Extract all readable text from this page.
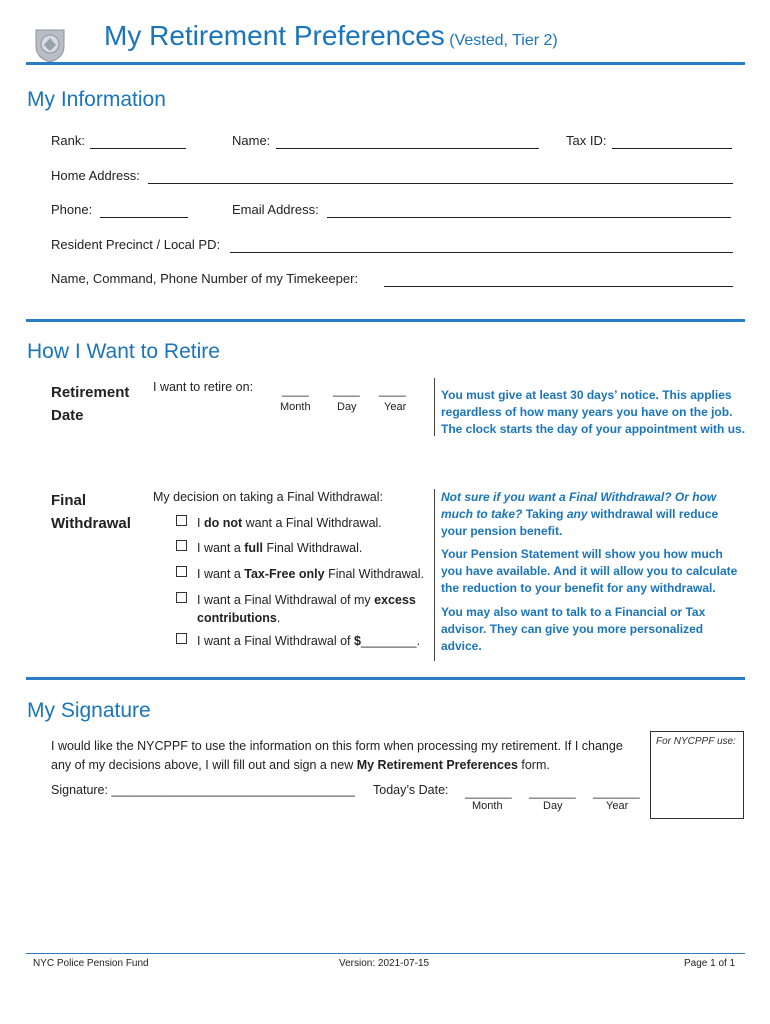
My Retirement Preferences (Vested, Tier 2)
My Information
Rank:	Name:	Tax ID:
Home Address:
Phone:	Email Address:
Resident Precinct / Local PD:
Name, Command, Phone Number of my Timekeeper:
How I Want to Retire
Retirement
Date
I want to retire on: ____ ____ ____
Month Day Year
You must give at least 30 days’ notice. This applies regardless of how many years you have on the job. The clock starts the day of your appointment with us.
Final
Withdrawal
My decision on taking a Final Withdrawal:
I do not want a Final Withdrawal.
I want a full Final Withdrawal.
I want a Tax-Free only Final Withdrawal.
I want a Final Withdrawal of my excess
contributions.
I want a Final Withdrawal of $________.
Not sure if you want a Final Withdrawal? Or how much to take? Taking any withdrawal will reduce your pension benefit.
Your Pension Statement will show you how much you have available. And it will allow you to calculate the reduction to your benefit for any withdrawal.
You may also want to talk to a Financial or Tax advisor. They can give you more personalized advice.
My Signature
I would like the NYCPPF to use the information on this form when processing my retirement. If I change any of my decisions above, I will fill out and sign a new My Retirement Preferences form.
Signature: ___________________________________ Today’s Date: _______ _______ _______
Month	Day	Year
For NYCPPF use:
NYC Police Pension Fund	Version: 2021-07-15	Page 1 of 1
